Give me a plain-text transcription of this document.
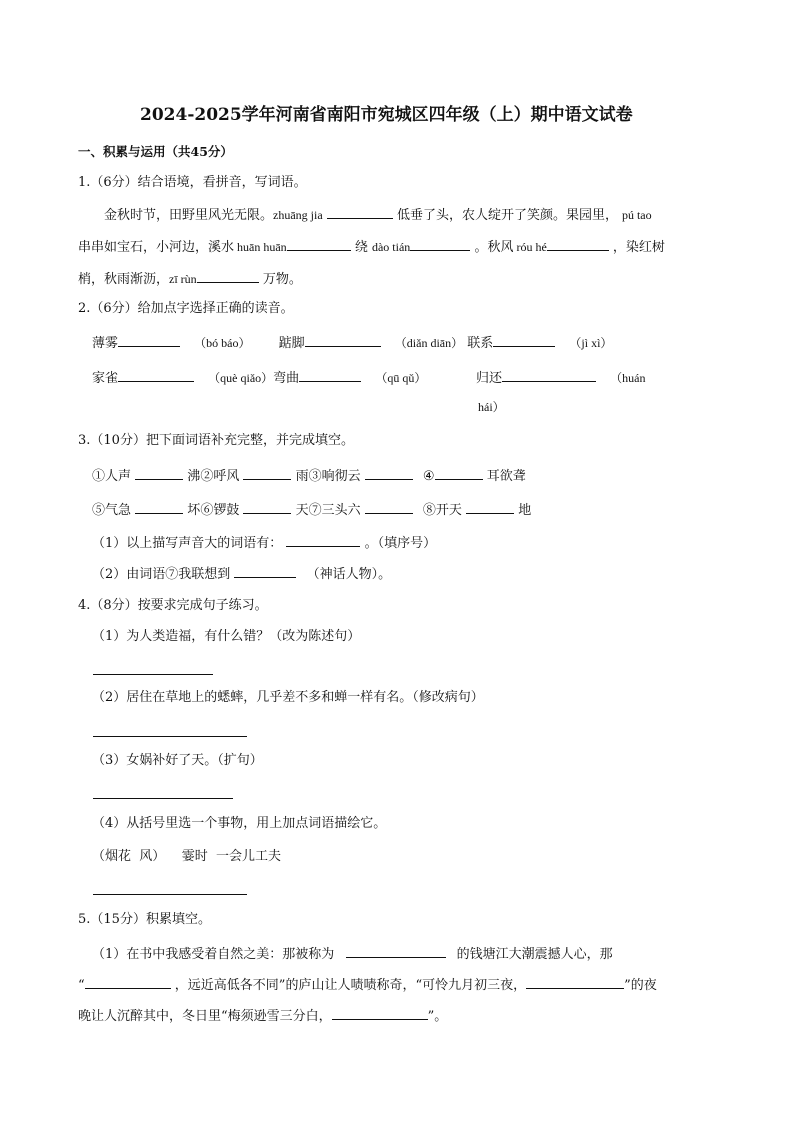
2024-2025学年河南省南阳市宛城区四年级（上）期中语文试卷
一、积累与运用（共45分）
1.（6分）结合语境，看拼音，写词语。
金秋时节，田野里风光无限。zhuāng jia	低垂了头，农人绽开了笑颜。果园里， pú tao
串串如宝石，小河边，溪水 huān huān	绕 dào tián	。秋风 róu hé	，染红树
梢，秋雨渐沥，zī rùn	万物。
2.（6分）给加点字选择正确的读音。
薄雾	（bó báo） 踮脚	（diǎn diān） 联系	（jì xì）
家雀	（què qiǎo）弯曲	（qū qǔ）	归还	（huán
hái）
3.（10分）把下面词语补充完整，并完成填空。
①人声	沸②呼风	雨③响彻云	④	耳欲聋
⑤气急	坏⑥锣鼓	天⑦三头六	⑧开天	地
（1）以上描写声音大的词语有：	。（填序号）
（2）由词语⑦我联想到	（神话人物）。
4.（8分）按要求完成句子练习。
（1）为人类造福，有什么错？（改为陈述句）
（2）居住在草地上的蟋蟀，几乎差不多和蝉一样有名。（修改病句）
（3）女娲补好了天。（扩句）
（4）从括号里选一个事物，用上加点词语描绘它。
（烟花  风）    霎时  一会儿工夫
5.（15分）积累填空。
（1）在书中我感受着自然之美：那被称为	的钱塘江大潮震撼人心，那
“	，远近高低各不同”的庐山让人啧啧称奇，“可怜九月初三夜，	”的夜
晚让人沉醉其中，冬日里“梅须逊雪三分白，	”。
